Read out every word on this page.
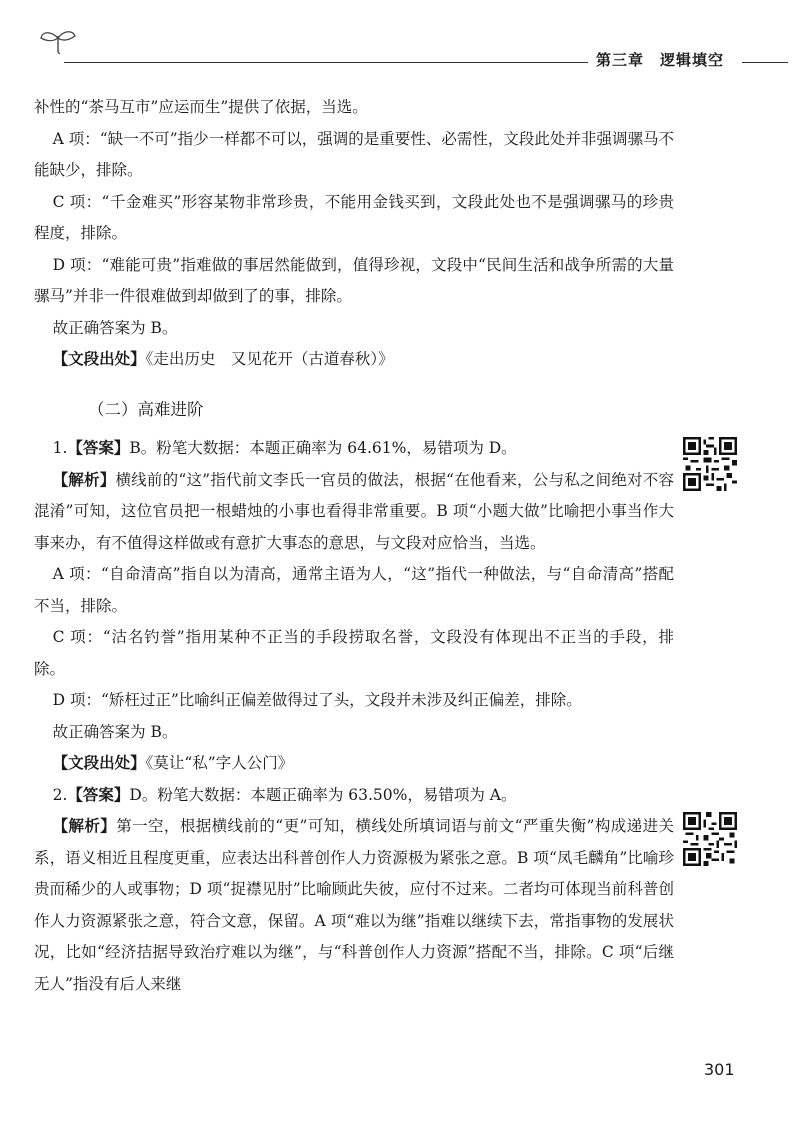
第三章 逻辑填空

补性的“茶马互市”应运而生”提供了依据，当选。

A 项：“缺一不可”指少一样都不可以，强调的是重要性、必需性，文段此处并非强调骡马不能缺少，排除。

C 项：“千金难买”形容某物非常珍贵，不能用金钱买到，文段此处也不是强调骡马的珍贵程度，排除。

D 项：“难能可贵”指难做的事居然能做到，值得珍视，文段中“民间生活和战争所需的大量骡马”并非一件很难做到却做到了的事，排除。

故正确答案为 B。

【文段出处】《走出历史　又见花开（古道春秋）》

（二）高难进阶

1.【答案】B。粉笔大数据：本题正确率为 64.61%，易错项为 D。

【解析】横线前的“这”指代前文李氏一官员的做法，根据“在他看来，公与私之间绝对不容混淆”可知，这位官员把一根蜡烛的小事也看得非常重要。B 项“小题大做”比喻把小事当作大事来办，有不值得这样做或有意扩大事态的意思，与文段对应恰当，当选。

A 项：“自命清高”指自以为清高，通常主语为人，“这”指代一种做法，与“自命清高”搭配不当，排除。

C 项：“沽名钓誉”指用某种不正当的手段捞取名誉，文段没有体现出不正当的手段，排除。

D 项：“矫枉过正”比喻纠正偏差做得过了头，文段并未涉及纠正偏差，排除。

故正确答案为 B。

【文段出处】《莫让“私”字人公门》

2.【答案】D。粉笔大数据：本题正确率为 63.50%，易错项为 A。

【解析】第一空，根据横线前的“更”可知，横线处所填词语与前文“严重失衡”构成递进关系，语义相近且程度更重，应表达出科普创作人力资源极为紧张之意。B 项“凤毛麟角”比喻珍贵而稀少的人或事物；D 项“捉襟见肘”比喻顾此失彼，应付不过来。二者均可体现当前科普创作人力资源紧张之意，符合文意，保留。A 项“难以为继”指难以继续下去，常指事物的发展状况，比如“经济拮据导致治疗难以为继”，与“科普创作人力资源”搭配不当，排除。C 项“后继无人”指没有后人来继

301
